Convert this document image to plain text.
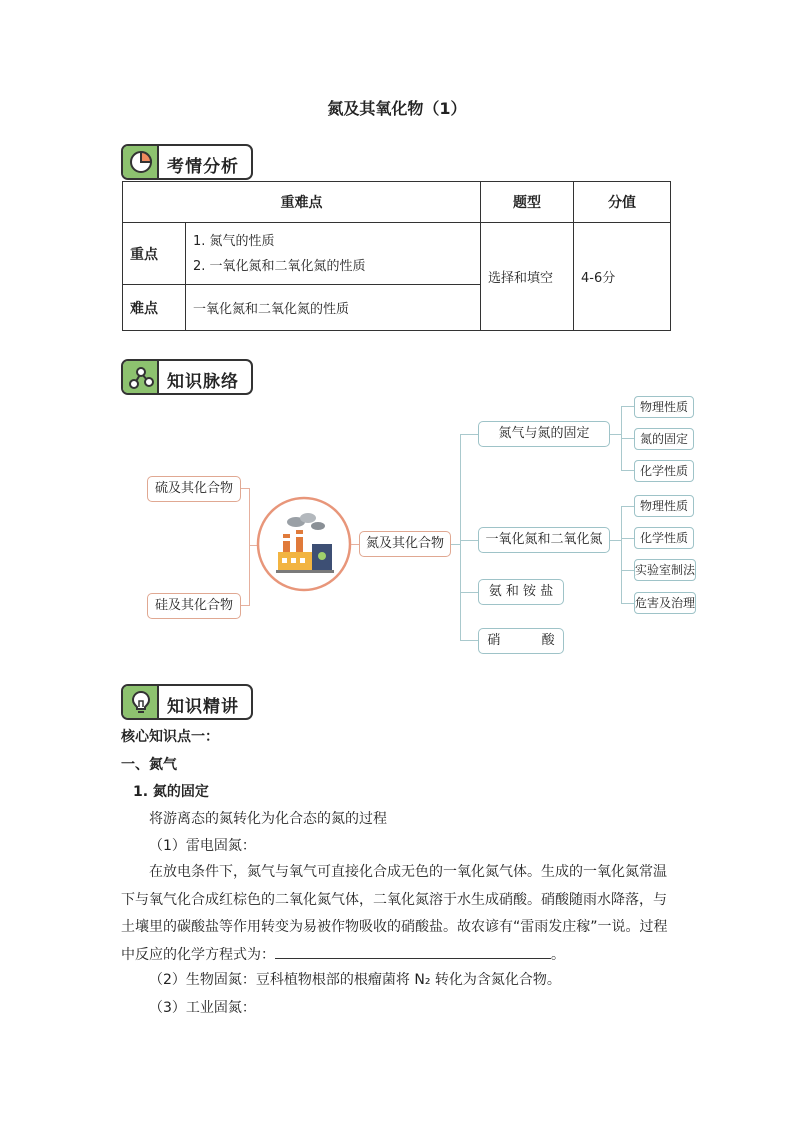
氮及其氧化物（1）
考情分析
重难点		题型	分值
重点	1. 氮气的性质
2. 一氧化氮和二氧化氮的性质	选择和填空	4-6分
难点	一氧化氮和二氧化氮的性质		
知识脉络
硫及其化合物
硅及其化合物
氮及其化合物
氮气与氮的固定
一氧化氮和二氧化氮
氨 和 铵 盐
硝          酸
物理性质
氮的固定
化学性质
物理性质
化学性质
实验室制法
危害及治理
知识精讲
核心知识点一：
一、氮气
1. 氮的固定
将游离态的氮转化为化合态的氮的过程
（1）雷电固氮：
在放电条件下，氮气与氧气可直接化合成无色的一氧化氮气体。生成的一氧化氮常温下与氧气化合成红棕色的二氧化氮气体，二氧化氮溶于水生成硝酸。硝酸随雨水降落，与土壤里的碳酸盐等作用转变为易被作物吸收的硝酸盐。故农谚有“雷雨发庄稼”一说。过程中反应的化学方程式为：	。
（2）生物固氮：豆科植物根部的根瘤菌将 N₂ 转化为含氮化合物。
（3）工业固氮：
